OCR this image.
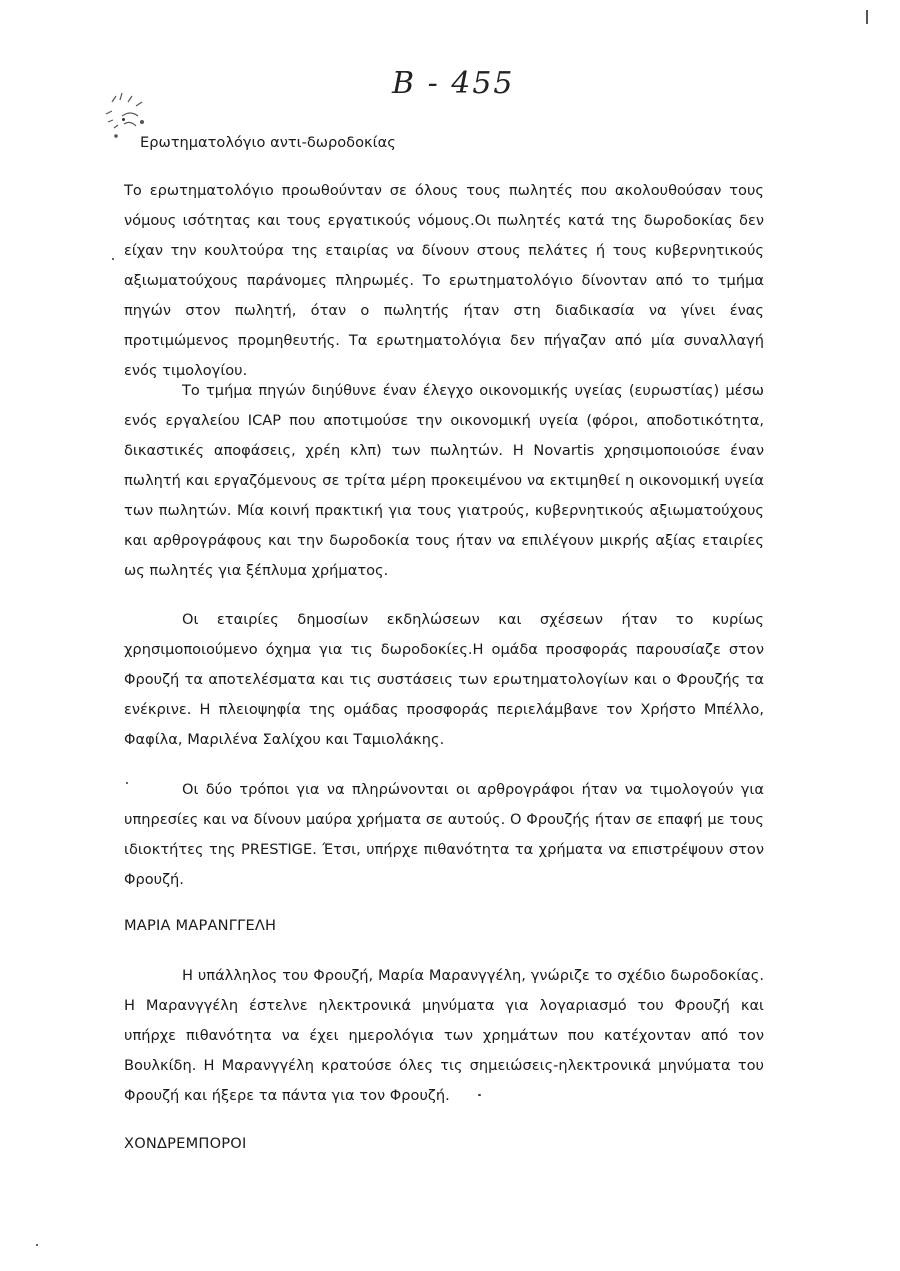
B - 455
Ερωτηματολόγιο αντι-δωροδοκίας
Το ερωτηματολόγιο προωθούνταν σε όλους τους πωλητές που ακολουθούσαν τους νόμους ισότητας και τους εργατικούς νόμους.Οι πωλητές κατά της δωροδοκίας δεν είχαν την κουλτούρα της εταιρίας να δίνουν στους πελάτες ή τους κυβερνητικούς αξιωματούχους παράνομες πληρωμές. Το ερωτηματολόγιο δίνονταν από το τμήμα πηγών στον πωλητή, όταν ο πωλητής ήταν στη διαδικασία να γίνει ένας προτιμώμενος προμηθευτής. Τα ερωτηματολόγια δεν πήγαζαν από μία συναλλαγή ενός τιμολογίου.
Το τμήμα πηγών διηύθυνε έναν έλεγχο οικονομικής υγείας (ευρωστίας) μέσω ενός εργαλείου ICAP που αποτιμούσε την οικονομική υγεία (φόροι, αποδοτικότητα, δικαστικές αποφάσεις, χρέη κλπ) των πωλητών. Η Novartis χρησιμοποιούσε έναν πωλητή και εργαζόμενους σε τρίτα μέρη προκειμένου να εκτιμηθεί η οικονομική υγεία των πωλητών. Μία κοινή πρακτική για τους γιατρούς, κυβερνητικούς αξιωματούχους και αρθρογράφους και την δωροδοκία τους ήταν να επιλέγουν μικρής αξίας εταιρίες ως πωλητές για ξέπλυμα χρήματος.
Οι εταιρίες δημοσίων εκδηλώσεων και σχέσεων ήταν το κυρίως χρησιμοποιούμενο όχημα για τις δωροδοκίες.Η ομάδα προσφοράς παρουσίαζε στον Φρουζή τα αποτελέσματα και τις συστάσεις των ερωτηματολογίων και ο Φρουζής τα ενέκρινε. Η πλειοψηφία της ομάδας προσφοράς περιελάμβανε τον Χρήστο Μπέλλο, Φαφίλα, Μαριλένα Σαλίχου και Ταμιολάκης.
Οι δύο τρόποι για να πληρώνονται οι αρθρογράφοι ήταν να τιμολογούν για υπηρεσίες και να δίνουν μαύρα χρήματα σε αυτούς. Ο Φρουζής ήταν σε επαφή με τους ιδιοκτήτες της PRESTIGE. Έτσι, υπήρχε πιθανότητα τα χρήματα να επιστρέψουν στον Φρουζή.
ΜΑΡΙΑ ΜΑΡΑΝΓΓΕΛΗ
Η υπάλληλος του Φρουζή, Μαρία Μαρανγγέλη, γνώριζε το σχέδιο δωροδοκίας. Η Μαρανγγέλη έστελνε ηλεκτρονικά μηνύματα για λογαριασμό του Φρουζή και υπήρχε πιθανότητα να έχει ημερολόγια των χρημάτων που κατέχονταν από τον Βουλκίδη. Η Μαρανγγέλη κρατούσε όλες τις σημειώσεις-ηλεκτρονικά μηνύματα του Φρουζή και ήξερε τα πάντα για τον Φρουζή.
ΧΟΝΔΡΕΜΠΟΡΟΙ
